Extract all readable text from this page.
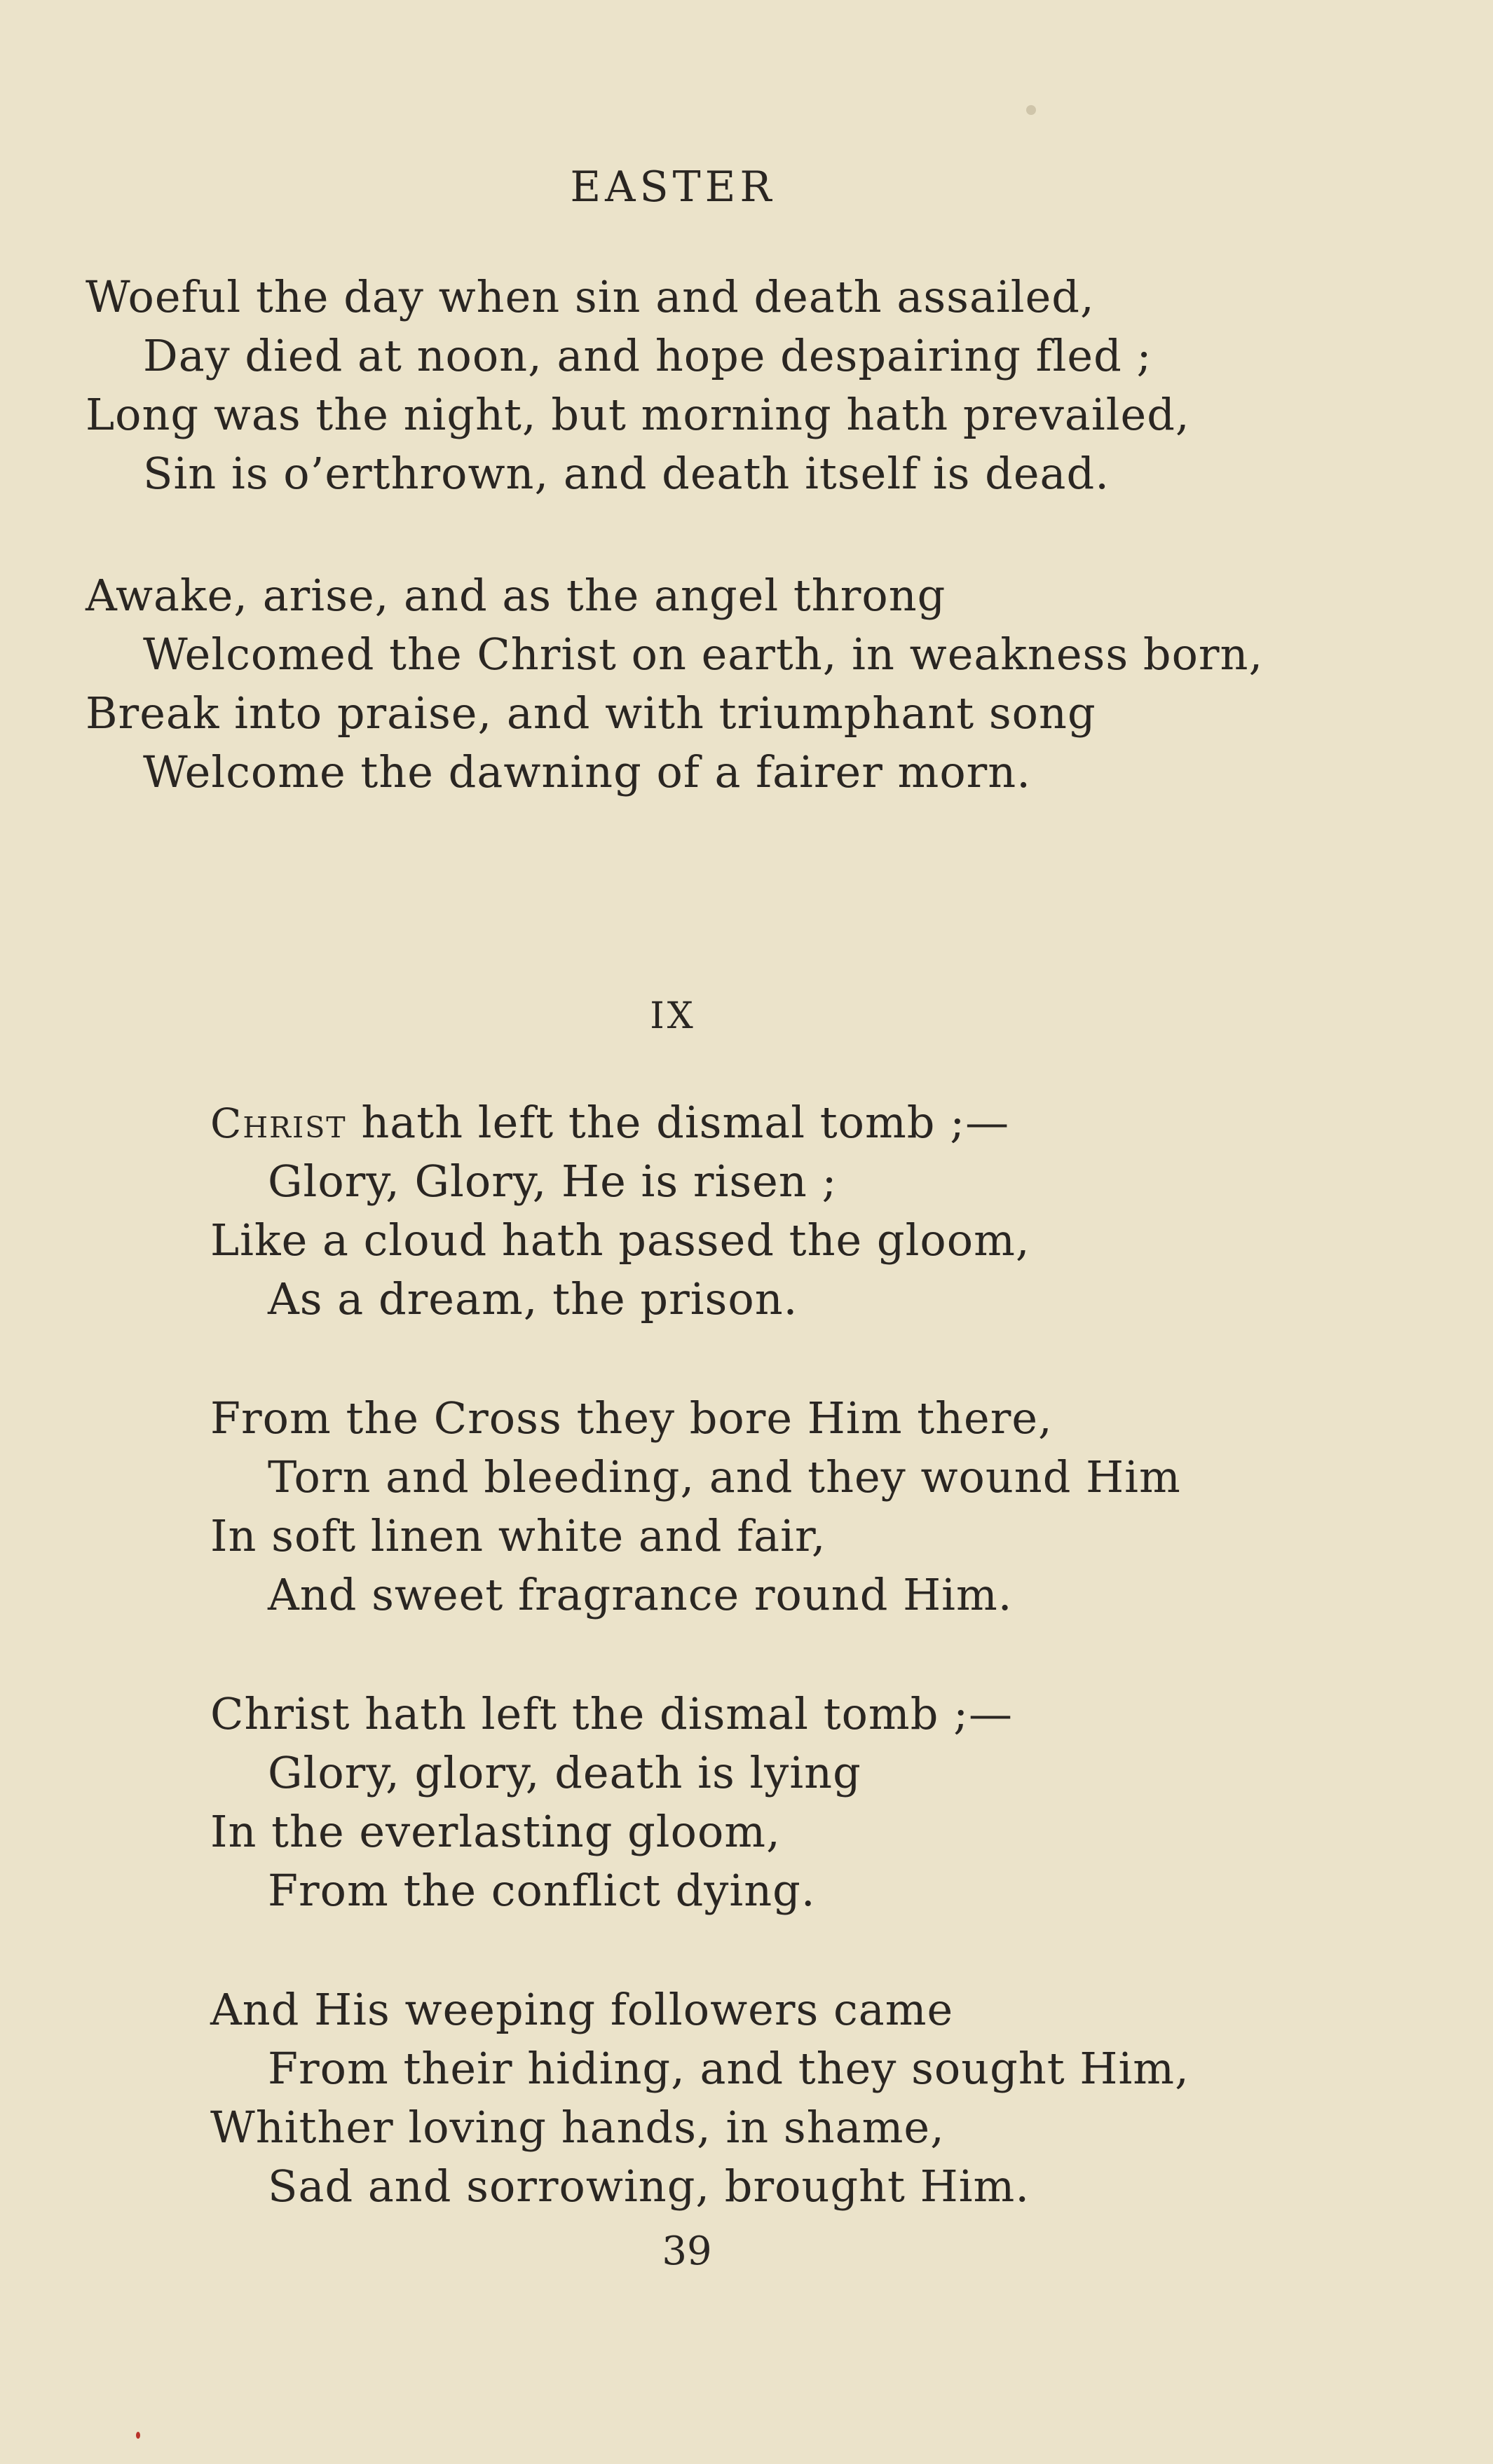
EASTER
Woeful the day when sin and death assailed,
Day died at noon, and hope despairing fled ;
Long was the night, but morning hath prevailed,
Sin is o’erthrown, and death itself is dead.
Awake, arise, and as the angel throng
Welcomed the Christ on earth, in weakness born,
Break into praise, and with triumphant song
Welcome the dawning of a fairer morn.
IX
Christ hath left the dismal tomb ;—
Glory, Glory, He is risen ;
Like a cloud hath passed the gloom,
As a dream, the prison.
From the Cross they bore Him there,
Torn and bleeding, and they wound Him
In soft linen white and fair,
And sweet fragrance round Him.
Christ hath left the dismal tomb ;—
Glory, glory, death is lying
In the everlasting gloom,
From the conflict dying.
And His weeping followers came
From their hiding, and they sought Him,
Whither loving hands, in shame,
Sad and sorrowing, brought Him.
39
